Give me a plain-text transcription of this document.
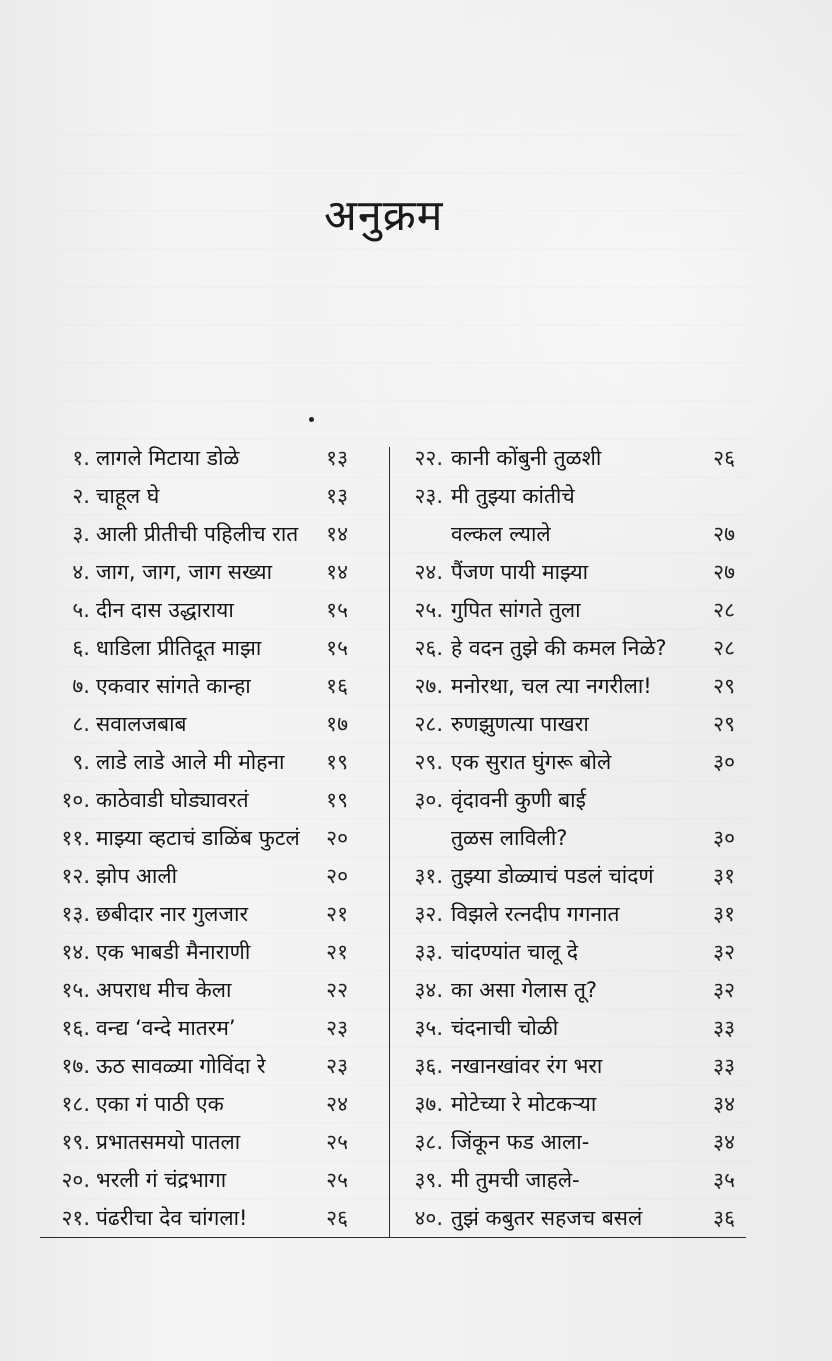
अनुक्रम
१. लागले मिटाया डोळे	१३
२. चाहूल घे	१३
३. आली प्रीतीची पहिलीच रात	१४
४. जाग, जाग, जाग सख्या	१४
५. दीन दास उद्धाराया	१५
६. धाडिला प्रीतिदूत माझा	१५
७. एकवार सांगते कान्हा	१६
८. सवालजबाब	१७
९. लाडे लाडे आले मी मोहना	१९
१०. काठेवाडी घोड्यावरतं	१९
११. माझ्या व्हटाचं डाळिंब फुटलं	२०
१२. झोप आली	२०
१३. छबीदार नार गुलजार	२१
१४. एक भाबडी मैनाराणी	२१
१५. अपराध मीच केला	२२
१६. वन्द्य ‘वन्दे मातरम’	२३
१७. ऊठ सावळ्या गोविंदा रे	२३
१८. एका गं पाठी एक	२४
१९. प्रभातसमयो पातला	२५
२०. भरली गं चंद्रभागा	२५
२१. पंढरीचा देव चांगला!	२६
२२. कानी कोंबुनी तुळशी	२६
२३. मी तुझ्या कांतीचे
वल्कल ल्याले	२७
२४. पैंजण पायी माझ्या	२७
२५. गुपित सांगते तुला	२८
२६. हे वदन तुझे की कमल निळे?	२८
२७. मनोरथा, चल त्या नगरीला!	२९
२८. रुणझुणत्या पाखरा	२९
२९. एक सुरात घुंगरू बोले	३०
३०. वृंदावनी कुणी बाई
तुळस लाविली?	३०
३१. तुझ्या डोळ्याचं पडलं चांदणं	३१
३२. विझले रत्नदीप गगनात	३१
३३. चांदण्यांत चालू दे	३२
३४. का असा गेलास तू?	३२
३५. चंदनाची चोळी	३३
३६. नखानखांवर रंग भरा	३३
३७. मोटेच्या रे मोटकऱ्या	३४
३८. जिंकून फड आला-	३४
३९. मी तुमची जाहले-	३५
४०. तुझं कबुतर सहजच बसलं	३६
